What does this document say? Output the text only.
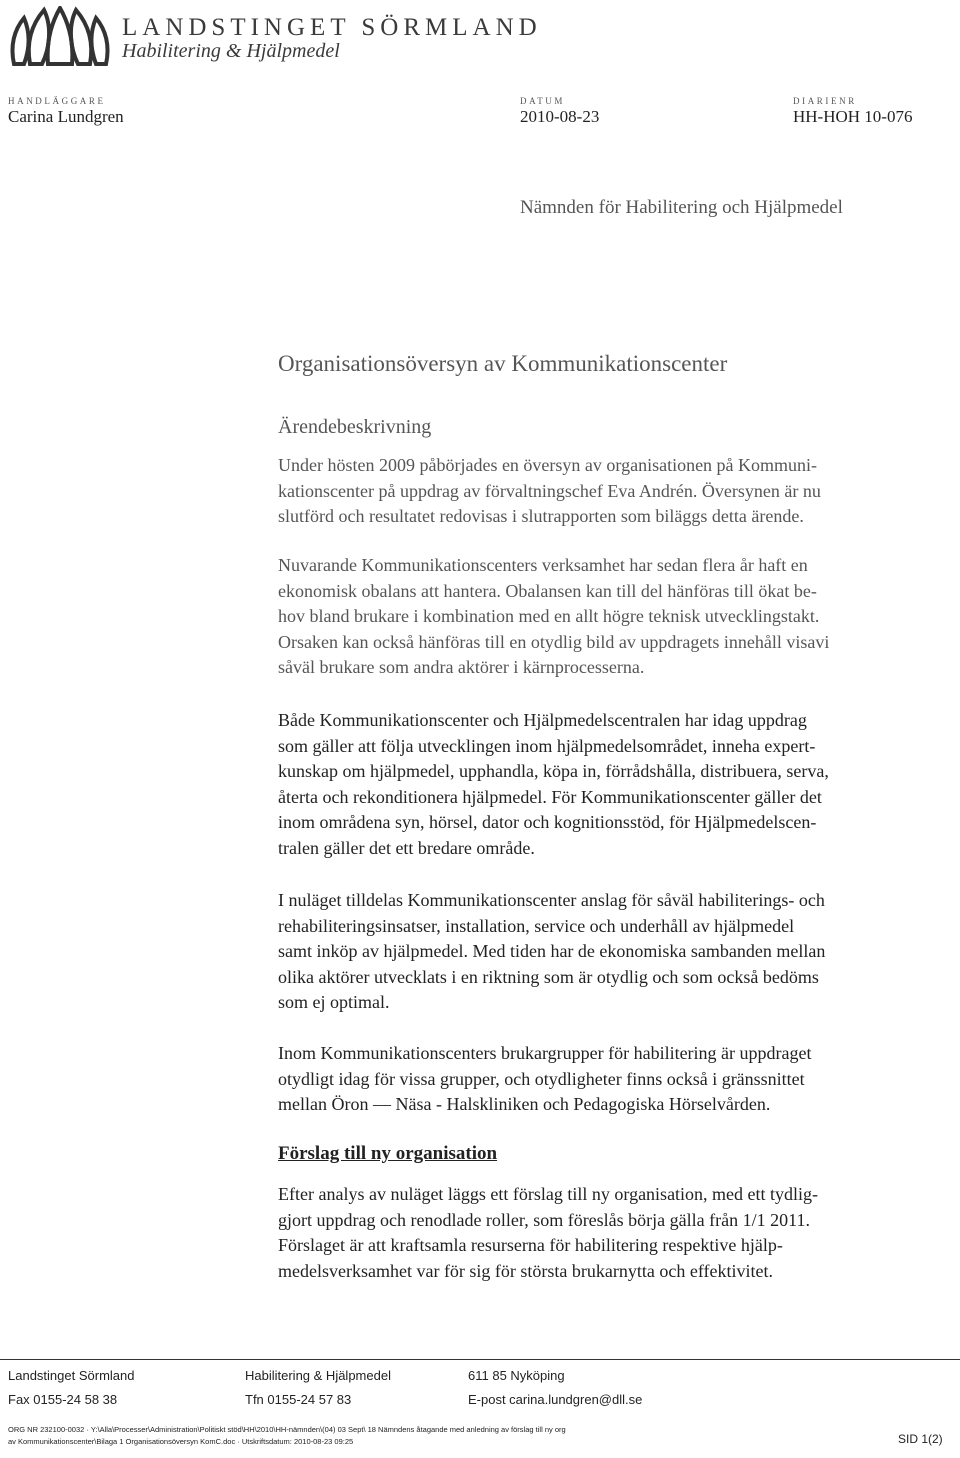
LANDSTINGET SÖRMLAND
Habilitering & Hjälpmedel
HANDLÄGGARE
Carina Lundgren
DATUM
2010-08-23
DIARIENR
HH-HOH 10-076
Nämnden för Habilitering och Hjälpmedel
Organisationsöversyn av Kommunikationscenter
Ärendebeskrivning
Under hösten 2009 påbörjades en översyn av organisationen på Kommuni-
kationscenter på uppdrag av förvaltningschef Eva Andrén. Översynen är nu
slutförd och resultatet redovisas i slutrapporten som biläggs detta ärende.
Nuvarande Kommunikationscenters verksamhet har sedan flera år haft en
ekonomisk obalans att hantera. Obalansen kan till del hänföras till ökat be-
hov bland brukare i kombination med en allt högre teknisk utvecklingstakt.
Orsaken kan också hänföras till en otydlig bild av uppdragets innehåll visavi
såväl brukare som andra aktörer i kärnprocesserna.
Både Kommunikationscenter och Hjälpmedelscentralen har idag uppdrag
som gäller att följa utvecklingen inom hjälpmedelsområdet, inneha expert-
kunskap om hjälpmedel, upphandla, köpa in, förrådshålla, distribuera, serva,
återta och rekonditionera hjälpmedel. För Kommunikationscenter gäller det
inom områdena syn, hörsel, dator och kognitionsstöd, för Hjälpmedelscen-
tralen gäller det ett bredare område.
I nuläget tilldelas Kommunikationscenter anslag för såväl habiliterings- och
rehabiliteringsinsatser, installation, service och underhåll av hjälpmedel
samt inköp av hjälpmedel. Med tiden har de ekonomiska sambanden mellan
olika aktörer utvecklats i en riktning som är otydlig och som också bedöms
som ej optimal.
Inom Kommunikationscenters brukargrupper för habilitering är uppdraget
otydligt idag för vissa grupper, och otydligheter finns också i gränssnittet
mellan Öron — Näsa - Halskliniken och Pedagogiska Hörselvården.
Förslag till ny organisation
Efter analys av nuläget läggs ett förslag till ny organisation, med ett tydlig-
gjort uppdrag och renodlade roller, som föreslås börja gälla från 1/1 2011.
Förslaget är att kraftsamla resurserna för habilitering respektive hjälp-
medelsverksamhet var för sig för största brukarnytta och effektivitet.
Landstinget Sörmland	Habilitering & Hjälpmedel	611 85 Nyköping
Fax 0155-24 58 38	Tfn 0155-24 57 83	E-post carina.lundgren@dll.se
ORG NR 232100-0032 · Y:\Alla\Processer\Administration\Politiskt stöd\HH\2010\HH-nämnden\(04) 03 Sept\ 18 Nämndens åtagande med anledning av förslag till ny org
av Kommunikationscenter\Bilaga 1 Organisationsöversyn KomC.doc · Utskriftsdatum: 2010-08-23 09:25	SID 1(2)
